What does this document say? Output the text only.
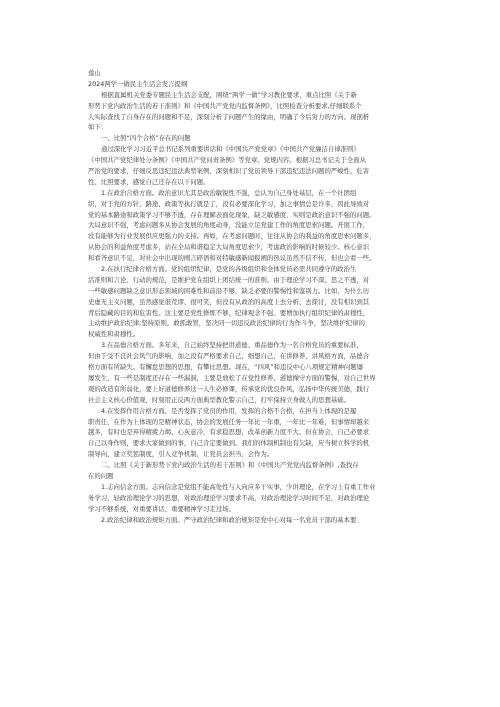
莲山
2024两学一做民主生活会发言提纲
根据直属机关党委专题民主生活会支配，围绕“两学一做”学习教化要求，重点比照《关于新
形势下党内政治生活的若干准则》和《中国共产党党内监督条例》，比照检查分析要求,仔细联系个
人实际查找了自身存在的问题和不足，深刻分析了问题产生的缘由，明确了今后努力的方向。现剖析
如下：
一、比照“四个合格”存在的问题
通过深化学习习近平总书记系列重要讲话和《中国共产党党章》《中国共产党廉洁自律准则》
《中国共产党纪律处分条例》《中国共产党问责条例》等党章、党规内容。根据习总书记关于全面从
严治党的要求，仔细反思违纪违法典型案例，深刻相识了党员领导干部违纪违法问题的严峻性、危害
性、比照要求，感觉自己还存在以下问题。
1.在政治合格方面。政治意识尤其是政治敏锐性不强，总认为自己身处基层，在一个社团组
织，对于党的方针、路途、政策等执行就是了，没有必要深化学习，加之事情总是许多，因此导致对
党的基本路途和政策学习不够不透，存在理解表面化现象，缺乏敏感度，实则是政治意识不强的问题。
大局意识不强，考虑问题多从协会发展的角度动身，没能立足党建工作的角度思索问题。开展工作，
没有能够为行业发展供应更强力的支持。再如，在考虑问题时，往往从协会的利益的角度思索问题多，
从协会的利益角度考虑多，站在全局和谐稳定大局角度思索少，考虑政治影响的时候较少。核心意识
和看齐意识不足，对社会中出现的阐言碎语和对特敏感新闻报阐的热议虽然不信不传，但也会看一些。
2.在执行纪律合格方面。党的组织纪律，是党的各级组织和全体党员必需共同遵守的政治生
活准则和言论、行动的规范，是维护党在组织上团结统一的准则。由于理论学习不深、思之不透，对
一些敏感问题缺乏意识形态领域的困难性和前沿不够，缺乏必要的警惕性和鉴别力。比如，为什么历
史虚无主义问题，虽然感觉很荒谬、很可笑，但没有从政治的高度上去分析、去探讨，没有相识到其
背后隐藏的目的和危害性。这主要是党性修炼不够，纪律观念不强。要增加执行组织纪律的肃穆性，
主动维护政治纪律;坚持原则，敢抓敢管，坚决同一切违反政治纪律的行为作斗争，坚决维护纪律的
权威性和肃穆性。
3.在品德合格方面。多年来，自己始终坚持把讲道德、重品德作为一名合格党员的重要标准，
但由于受不良社会风气的影响，加之没有严格要求自己，细想自己，在讲修养、讲风格方面，品德合
格方面有所缺失。有懈怠思想的思想，有攀比思想。现在，“四风”和违反中心八项规定精神问题屡
屡发生，有一些是制度还存在一些漏洞，主要是放松了在党性修养、道德操守方面的警惕，对自己世界
观的改造有所弱化，要上好道德修养这一人生必修课，传承党的优良作风，弘扬中华传统美德，践行
社会主义核心价值观，时刻用正反两方面典型教化警示自己，打牢保持立身做人的思想基础。
4.在发挥作用合格方面。是否发挥了党员的作用，发挥的合格不合格，在担当上体现的是履
职责任，在作为上体现的是精神状态，协会的发展任务一年比一年重，一年比一年难，但事情却越来
越多，有时也是弃得精疲力竭，心灰意冷，有求稳思想，改革创新力度不大。但在协会，自己必要求
自己以身作则，要求大家做到的事，自己肯定要做到。我们的体制机制也有欠缺，应当树立科学的机
制导向，建立奖惩制度，引入竞争机制，让党员会担当、会作为。
二、比照《关于新形势下党内政治生活的若干准则》和《中国共产党党内监督条例》,查找存
在的问题
1.志向信念方面。志向信念是党组不能高处性与入向应多干实事，少讲理论，在学习上有重工作业
务学习，轻政治理论学习的思想，对政治理论学习要求不高，对政治理论学习时间不足，对政治理论
学习不够系统，对重要讲话、重要精神学习走过场。
2.政治纪律和政治规矩方面。严守政治纪律和政治规矩是党中心对每一名党员干部的基本要
